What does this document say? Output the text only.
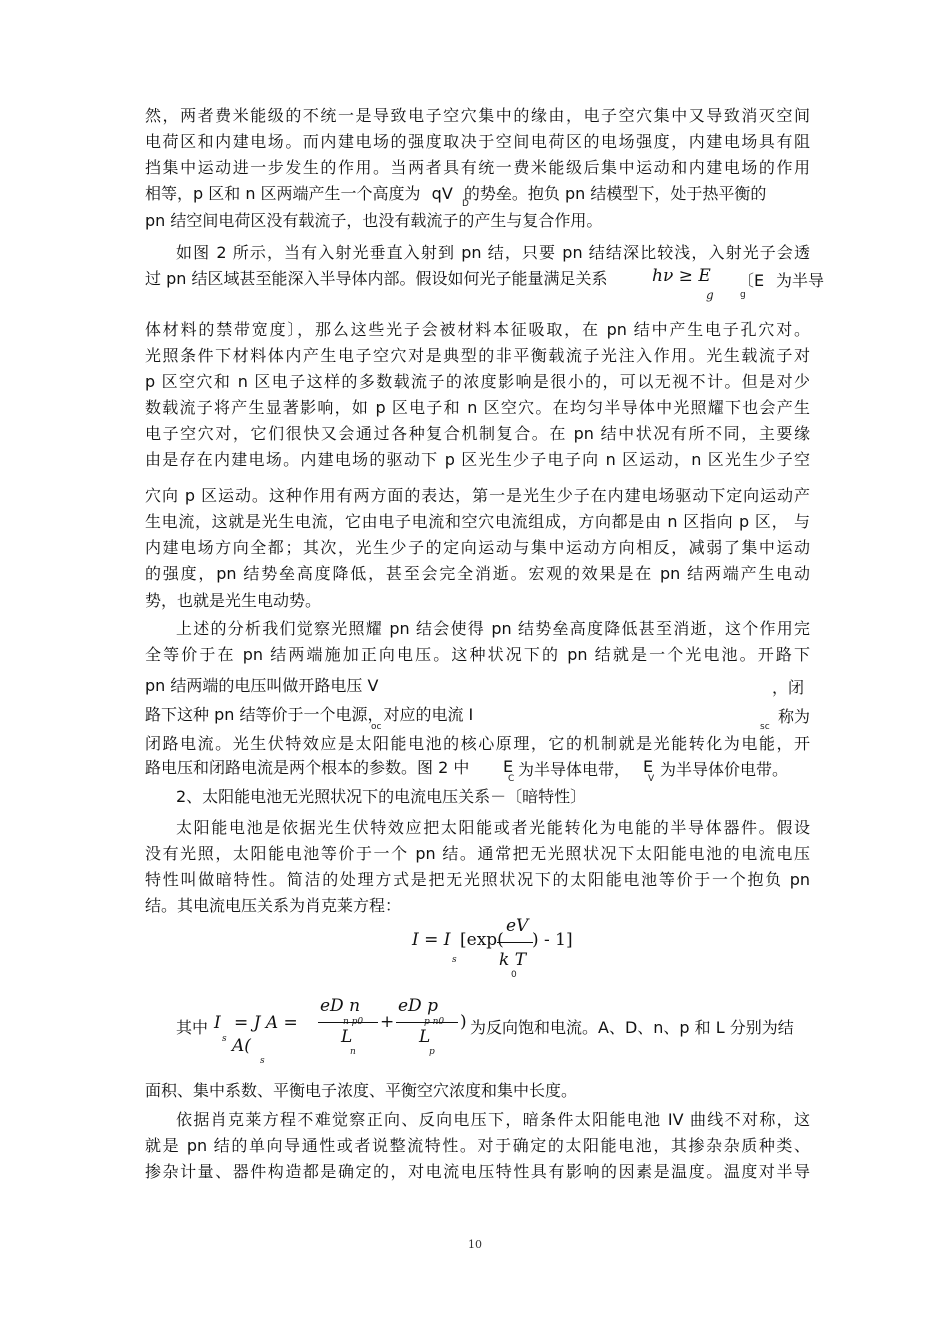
然，两者费米能级的不统一是导致电子空穴集中的缘由，电子空穴集中又导致消灭空间
电荷区和内建电场。而内建电场的强度取决于空间电荷区的电场强度，内建电场具有阻
挡集中运动进一步发生的作用。当两者具有统一费米能级后集中运动和内建电场的作用
相等，p 区和 n 区两端产生一个高度为 qV 的势垒。抱负 pn 结模型下，处于热平衡的
D
pn 结空间电荷区没有载流子，也没有载流子的产生与复合作用。
如图 2 所示，当有入射光垂直入射到 pn 结，只要 pn 结结深比较浅，入射光子会透
过 pn 结区域甚至能深入半导体内部。假设如何光子能量满足关系	hν ≥ E 〔E 为半导
g	g
体材料的禁带宽度〕，那么这些光子会被材料本征吸取，在 pn 结中产生电子孔穴对。
光照条件下材料体内产生电子空穴对是典型的非平衡载流子光注入作用。光生载流子对
p 区空穴和 n 区电子这样的多数载流子的浓度影响是很小的，可以无视不计。但是对少
数载流子将产生显著影响，如 p 区电子和 n 区空穴。在均匀半导体中光照耀下也会产生
电子空穴对，它们很快又会通过各种复合机制复合。在 pn 结中状况有所不同，主要缘
由是存在内建电场。内建电场的驱动下 p 区光生少子电子向 n 区运动，n 区光生少子空
穴向 p 区运动。这种作用有两方面的表达，第一是光生少子在内建电场驱动下定向运动产
生电流，这就是光生电流，它由电子电流和空穴电流组成，方向都是由 n 区指向 p 区， 与
内建电场方向全都；其次，光生少子的定向运动与集中运动方向相反，减弱了集中运动
的强度，pn 结势垒高度降低，甚至会完全消逝。宏观的效果是在 pn 结两端产生电动
势，也就是光生电动势。
上述的分析我们觉察光照耀 pn 结会使得 pn 结势垒高度降低甚至消逝，这个作用完
全等价于在 pn 结两端施加正向电压。这种状况下的 pn 结就是一个光电池。开路下
pn 结两端的电压叫做开路电压 V	，闭
路下这种 pn 结等价于一个电源，对应的电流 I
oc	sc
称为
闭路电流。光生伏特效应是太阳能电池的核心原理，它的机制就是光能转化为电能，开
路电压和闭路电流是两个根本的参数。图 2 中	E
C 为半导体电带， E
V 为半导体价电带。
2、太阳能电池无光照状况下的电流电压关系－〔暗特性〕
太阳能电池是依据光生伏特效应把太阳能或者光能转化为电能的半导体器件。假设
没有光照，太阳能电池等价于一个 pn 结。通常把无光照状况下太阳能电池的电流电压
特性叫做暗特性。简洁的处理方式是把无光照状况下的太阳能电池等价于一个抱负 pn
结。其电流电压关系为肖克莱方程：
I = I
s
[exp(
eV
k T
0
) - 1]
其中 I
s
= J A =
A(
s
eD n
n p0
L
n
+
eD p
p n0
L
p
) 为反向饱和电流。A、D、n、p 和 L 分别为结
面积、集中系数、平衡电子浓度、平衡空穴浓度和集中长度。
依据肖克莱方程不难觉察正向、反向电压下，暗条件太阳能电池 IV 曲线不对称，这
就是 pn 结的单向导通性或者说整流特性。对于确定的太阳能电池，其掺杂杂质种类、
掺杂计量、器件构造都是确定的，对电流电压特性具有影响的因素是温度。温度对半导
10
